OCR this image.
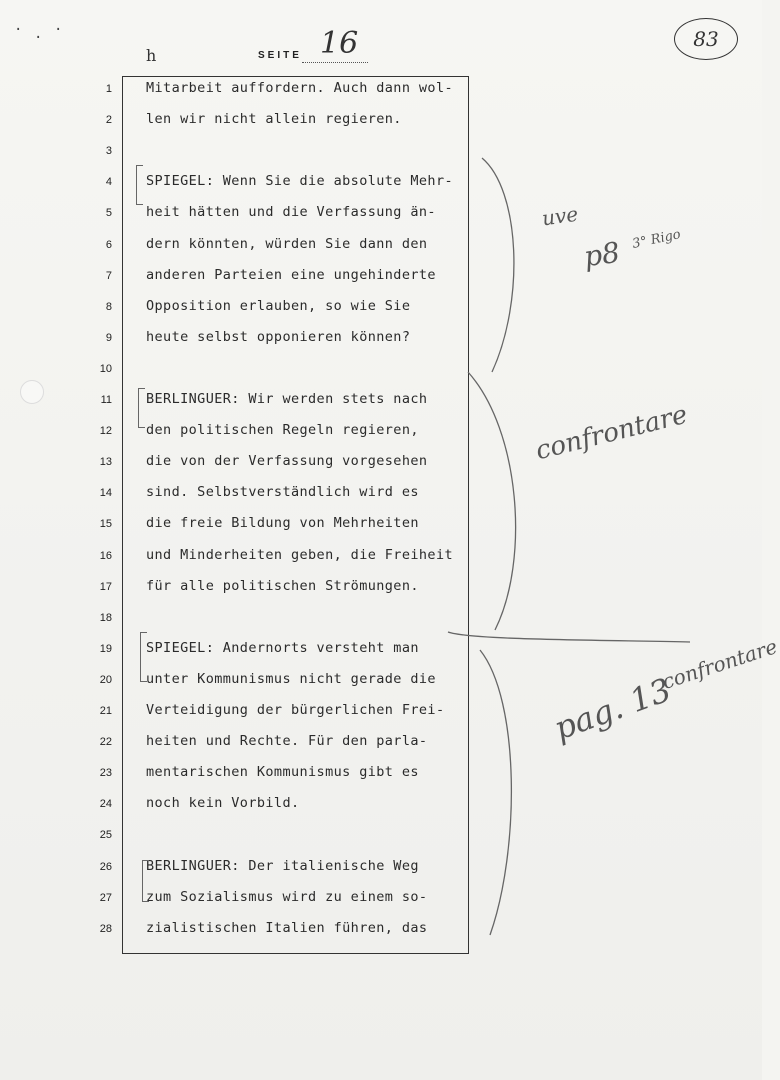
· · ·
h	SEITE 16	83
1	Mitarbeit auffordern. Auch dann wol-
2	len wir nicht allein regieren.
3
4	SPIEGEL: Wenn Sie die absolute Mehr-
5	heit hätten und die Verfassung än-
6	dern könnten, würden Sie dann den
7	anderen Parteien eine ungehinderte
8	Opposition erlauben, so wie Sie
9	heute selbst opponieren können?
10
11	BERLINGUER: Wir werden stets nach
12	den politischen Regeln regieren,
13	die von der Verfassung vorgesehen
14	sind. Selbstverständlich wird es
15	die freie Bildung von Mehrheiten
16	und Minderheiten geben, die Freiheit
17	für alle politischen Strömungen.
18
19	SPIEGEL: Andernorts versteht man
20	unter Kommunismus nicht gerade die
21	Verteidigung der bürgerlichen Frei-
22	heiten und Rechte. Für den parla-
23	mentarischen Kommunismus gibt es
24	noch kein Vorbild.
25
26	BERLINGUER: Der italienische Weg
27	zum Sozialismus wird zu einem so-
28	zialistischen Italien führen, das
uve
p8 3° Rigo
confrontare
pag. 13
confrontare
